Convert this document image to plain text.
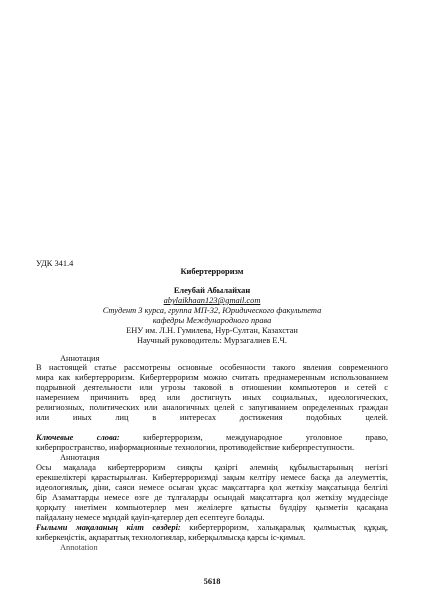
УДК 341.4
Кибертерроризм
Елеубай Абылайхан
abylaikhaan123@gmail.com
Студент 3 курса, группа МП-32, Юридического факультета
кафедры Международного права
ЕНУ им. Л.Н. Гумилева, Нур-Султан, Казахстан
Научный руководитель: Мурзагалиев Е.Ч.
Аннотация
В настоящей статье рассмотрены основные особенности такого явления современного
мира как кибертерроризм. Кибертерроризм можно считать преднамеренным использованием
подрывной деятельности или угрозы таковой в отношении компьютеров и сетей с
намерением причинить вред или достигнуть иных социальных, идеологических,
религиозных, политических или аналогичных целей с запугиванием определенных граждан
или иных лиц в интересах достижения подобных целей.
Ключевые слова:	кибертерроризм, международное уголовное право,
киберпространство, информационные технологии, противодействие киберпреступности.
Аннотация
Осы мақалада кибертерроризм сияқты қазіргі әлемнің құбылыстарының негізгі
ерекшеліктері қарастырылған. Кибертерроризмді зақым келтіру немесе басқа да әлеуметтік,
идеологиялық, діни, саяси немесе осыған ұқсас мақсаттарға қол жеткізу мақсатында белгілі
бір Азаматтарды немесе өзге де тұлғаларды осындай мақсаттарға қол жеткізу мүддесінде
қорқыту ниетімен компьютерлер мен желілерге қатысты бүлдіру қызметін қасақана
пайдалану немесе мұндай қауіп-қатерлер деп есептеуге болады.
Ғылыми мақаланың кілт сөздері: кибертерроризм, халықаралық қылмыстық құқық,
киберкеңістік, ақпараттық технологиялар, киберқылмысқа қарсы іс-қимыл.
Annotation
5618
